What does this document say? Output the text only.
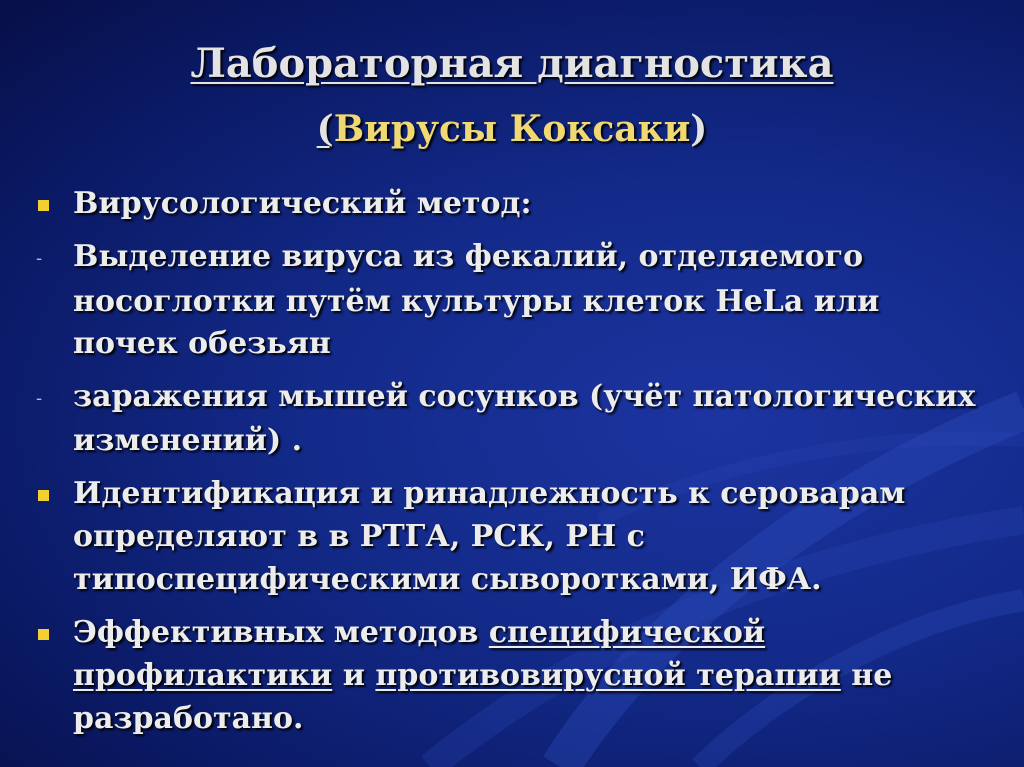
Лабораторная диагностика
(Вирусы Коксаки)
Вирусологический метод:
- Выделение вируса из фекалий, отделяемого
носоглотки путём культуры клеток HeLa или
почек обезьян
- заражения мышей сосунков (учёт патологических
изменений) .
Идентификация и ринадлежность к сероварам
определяют в в РТГА, РСК, РН с
типоспецифическими сыворотками, ИФА.
Эффективных методов специфической
профилактики и противовирусной терапии не
разработано.
